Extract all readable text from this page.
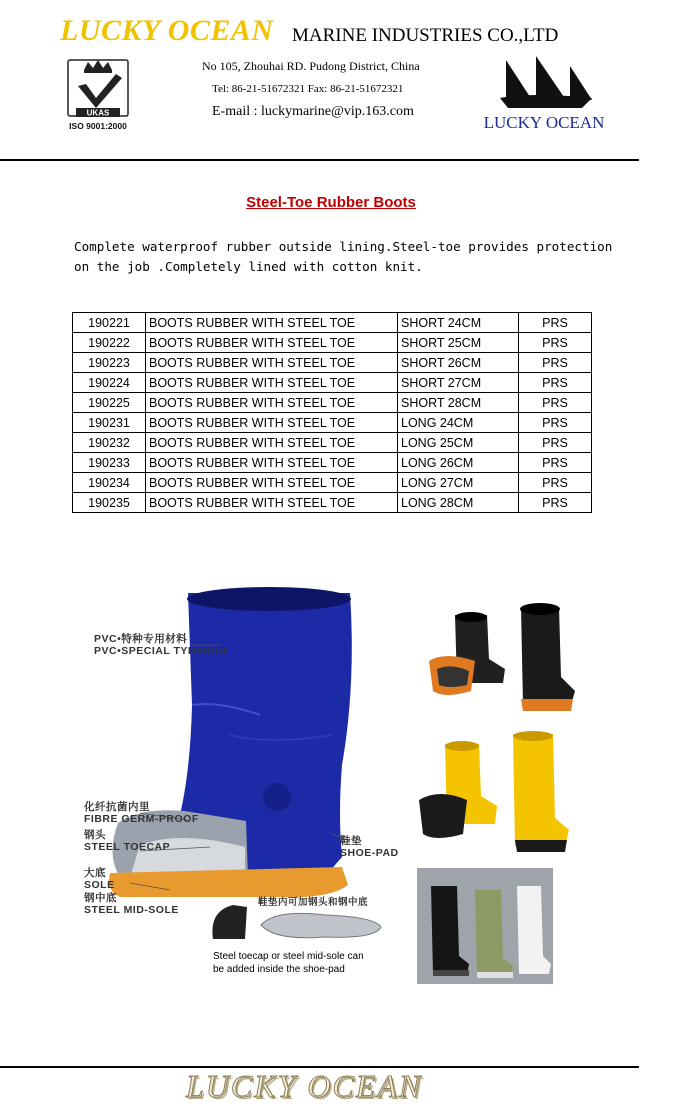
LUCKY OCEAN MARINE INDUSTRIES CO.,LTD
No 105, Zhouhai RD. Pudong District, China
Tel: 86-21-51672321 Fax: 86-21-51672321
E-mail : luckymarine@vip.163.com
UKAS
ISO 9001:2000	LUCKY OCEAN
Steel-Toe Rubber Boots
Complete waterproof rubber outside lining.Steel-toe provides protection
on the job .Completely lined with cotton knit.
190221	BOOTS RUBBER WITH STEEL TOE	SHORT 24CM	PRS
190222	BOOTS RUBBER WITH STEEL TOE	SHORT 25CM	PRS
190223	BOOTS RUBBER WITH STEEL TOE	SHORT 26CM	PRS
190224	BOOTS RUBBER WITH STEEL TOE	SHORT 27CM	PRS
190225	BOOTS RUBBER WITH STEEL TOE	SHORT 28CM	PRS
190231	BOOTS RUBBER WITH STEEL TOE	LONG 24CM	PRS
190232	BOOTS RUBBER WITH STEEL TOE	LONG 25CM	PRS
190233	BOOTS RUBBER WITH STEEL TOE	LONG 26CM	PRS
190234	BOOTS RUBBER WITH STEEL TOE	LONG 27CM	PRS
190235	BOOTS RUBBER WITH STEEL TOE	LONG 28CM	PRS
PVC•特种专用材料
PVC•SPECIAL TYRERIAL
化纤抗菌内里
FIBRE GERM-PROOF
钢头
STEEL TOECAP	鞋垫
SHOE-PAD
大底
SOLE
钢中底
STEEL MID-SOLE
鞋垫内可加钢头和钢中底
Steel toecap or steel mid-sole can
be added inside the shoe-pad
LUCKY OCEAN
